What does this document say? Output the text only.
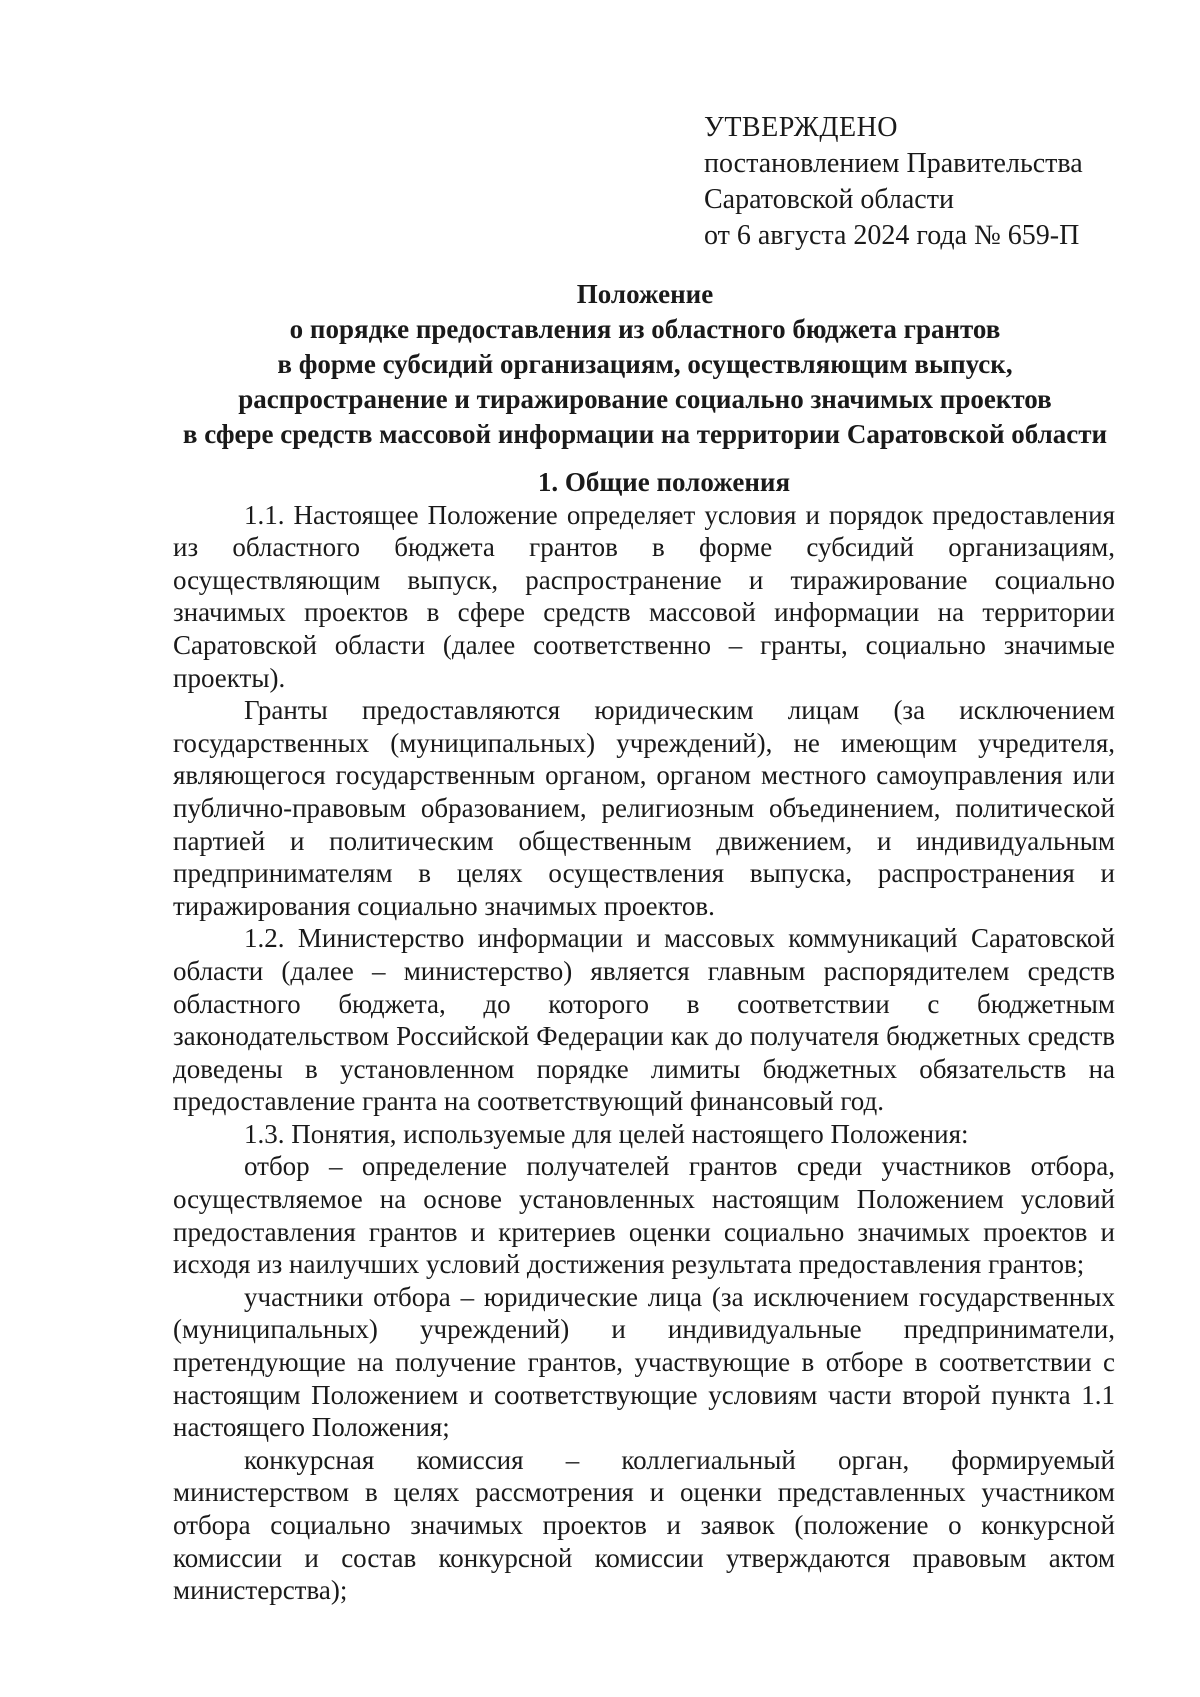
УТВЕРЖДЕНО
постановлением Правительства
Саратовской области
от 6 августа 2024 года № 659-П
Положение
о порядке предоставления из областного бюджета грантов
в форме субсидий организациям, осуществляющим выпуск,
распространение и тиражирование социально значимых проектов
в сфере средств массовой информации на территории Саратовской области

1. Общие положения

1.1. Настоящее Положение определяет условия и порядок предоставления из областного бюджета грантов в форме субсидий организациям, осуществляющим выпуск, распространение и тиражирование социально значимых проектов в сфере средств массовой информации на территории Саратовской области (далее соответственно – гранты, социально значимые проекты).

Гранты предоставляются юридическим лицам (за исключением государственных (муниципальных) учреждений), не имеющим учредителя, являющегося государственным органом, органом местного самоуправления или публично-правовым образованием, религиозным объединением, политической партией и политическим общественным движением, и индивидуальным предпринимателям в целях осуществления выпуска, распространения и тиражирования социально значимых проектов.

1.2. Министерство информации и массовых коммуникаций Саратовской области (далее – министерство) является главным распорядителем средств областного бюджета, до которого в соответствии с бюджетным законодательством Российской Федерации как до получателя бюджетных средств доведены в установленном порядке лимиты бюджетных обязательств на предоставление гранта на соответствующий финансовый год.

1.3. Понятия, используемые для целей настоящего Положения:

отбор – определение получателей грантов среди участников отбора, осуществляемое на основе установленных настоящим Положением условий предоставления грантов и критериев оценки социально значимых проектов и исходя из наилучших условий достижения результата предоставления грантов;

участники отбора – юридические лица (за исключением государственных (муниципальных) учреждений) и индивидуальные предприниматели, претендующие на получение грантов, участвующие в отборе в соответствии с настоящим Положением и соответствующие условиям части второй пункта 1.1 настоящего Положения;

конкурсная комиссия – коллегиальный орган, формируемый министерством в целях рассмотрения и оценки представленных участником отбора социально значимых проектов и заявок (положение о конкурсной комиссии и состав конкурсной комиссии утверждаются правовым актом министерства);
